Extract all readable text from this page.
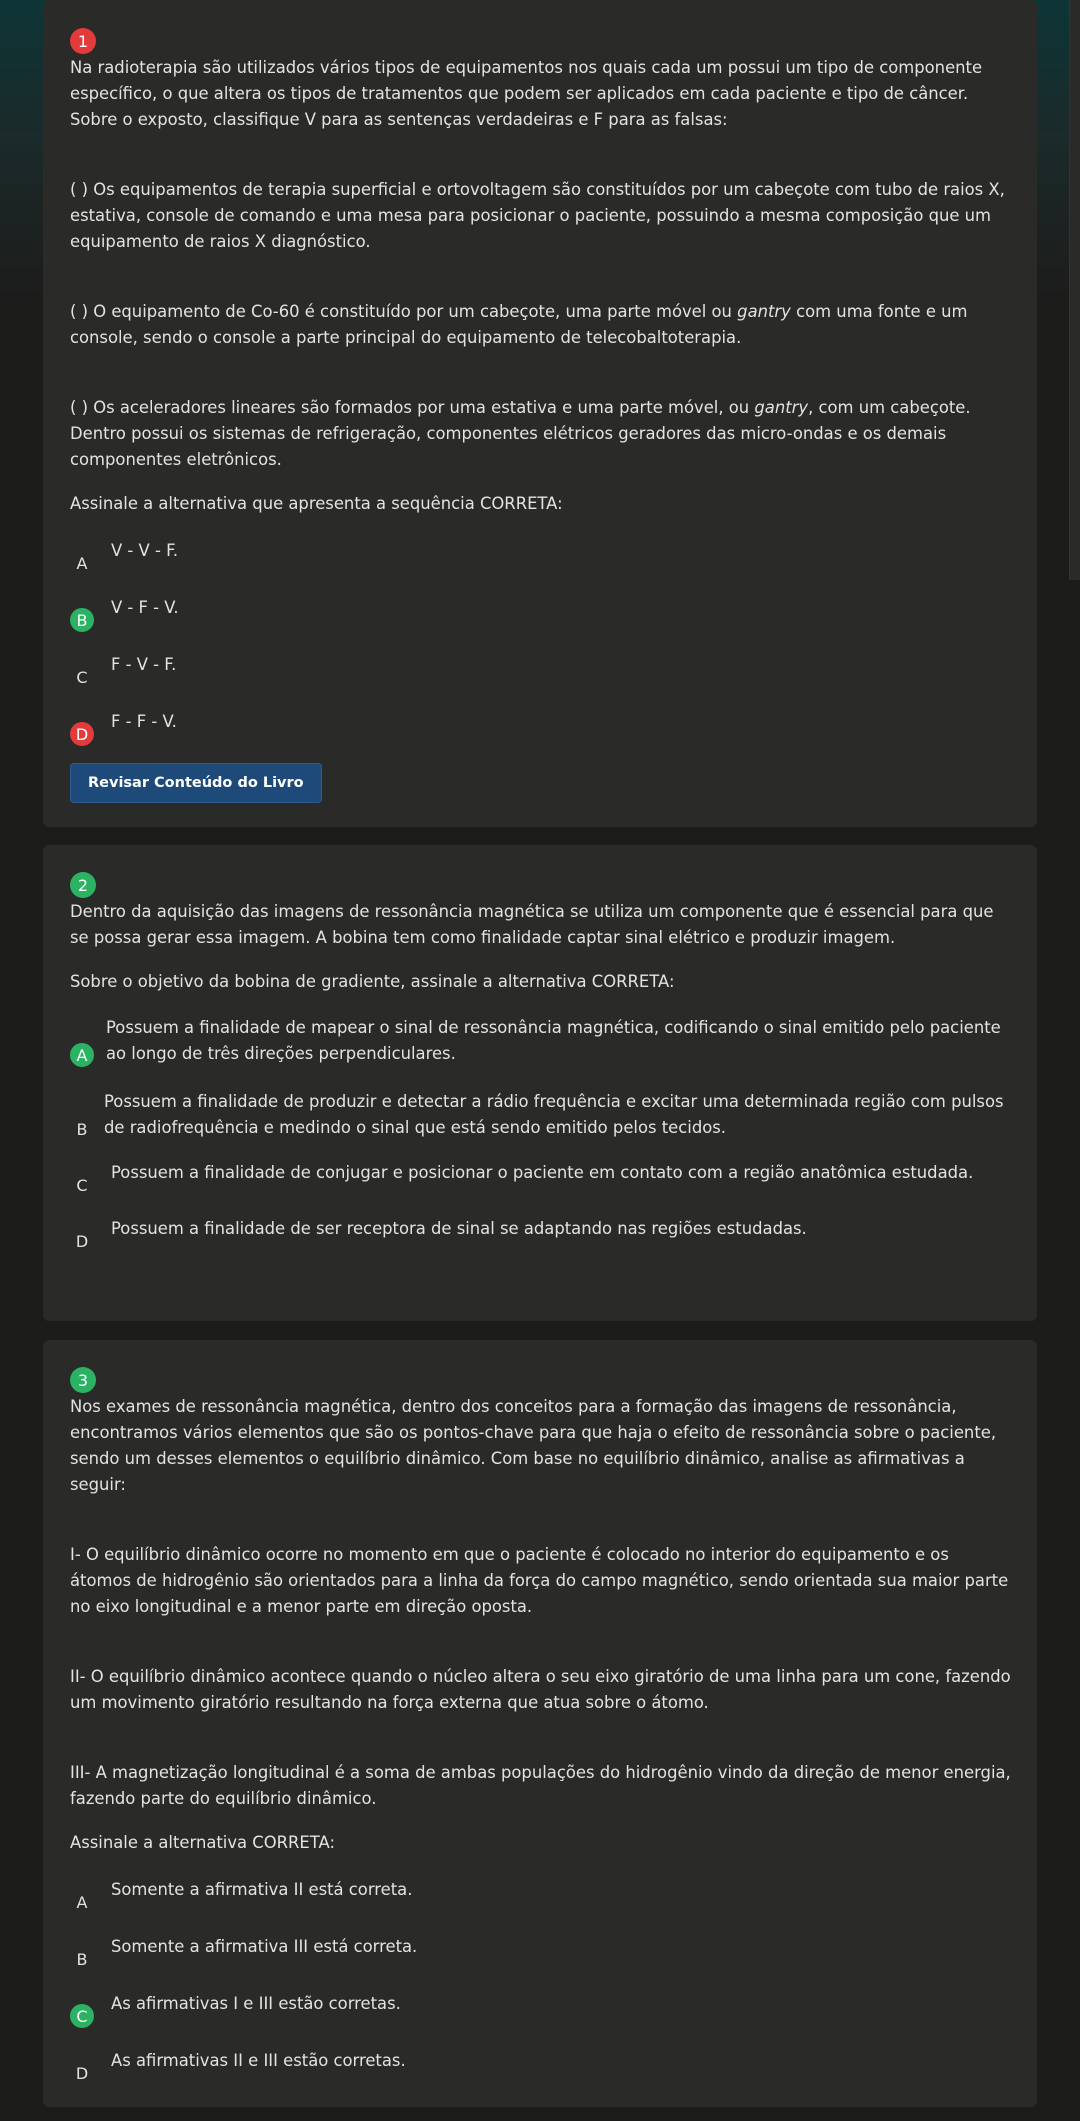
1

Na radioterapia são utilizados vários tipos de equipamentos nos quais cada um possui um tipo de componente específico, o que altera os tipos de tratamentos que podem ser aplicados em cada paciente e tipo de câncer. Sobre o exposto, classifique V para as sentenças verdadeiras e F para as falsas:

( ) Os equipamentos de terapia superficial e ortovoltagem são constituídos por um cabeçote com tubo de raios X, estativa, console de comando e uma mesa para posicionar o paciente, possuindo a mesma composição que um equipamento de raios X diagnóstico.

( ) O equipamento de Co-60 é constituído por um cabeçote, uma parte móvel ou gantry com uma fonte e um console, sendo o console a parte principal do equipamento de telecobaltoterapia.

( ) Os aceleradores lineares são formados por uma estativa e uma parte móvel, ou gantry, com um cabeçote. Dentro possui os sistemas de refrigeração, componentes elétricos geradores das micro-ondas e os demais componentes eletrônicos.

Assinale a alternativa que apresenta a sequência CORRETA:

A
V - V - F.
B
V - F - V.
C
F - V - F.
D
F - F - V.
Revisar Conteúdo do Livro
2

Dentro da aquisição das imagens de ressonância magnética se utiliza um componente que é essencial para que se possa gerar essa imagem. A bobina tem como finalidade captar sinal elétrico e produzir imagem.

Sobre o objetivo da bobina de gradiente, assinale a alternativa CORRETA:

A
Possuem a finalidade de mapear o sinal de ressonância magnética, codificando o sinal emitido pelo paciente ao longo de três direções perpendiculares.
B
Possuem a finalidade de produzir e detectar a rádio frequência e excitar uma determinada região com pulsos de radiofrequência e medindo o sinal que está sendo emitido pelos tecidos.
C
Possuem a finalidade de conjugar e posicionar o paciente em contato com a região anatômica estudada.
D
Possuem a finalidade de ser receptora de sinal se adaptando nas regiões estudadas.
3

Nos exames de ressonância magnética, dentro dos conceitos para a formação das imagens de ressonância, encontramos vários elementos que são os pontos-chave para que haja o efeito de ressonância sobre o paciente, sendo um desses elementos o equilíbrio dinâmico. Com base no equilíbrio dinâmico, analise as afirmativas a seguir:

I- O equilíbrio dinâmico ocorre no momento em que o paciente é colocado no interior do equipamento e os átomos de hidrogênio são orientados para a linha da força do campo magnético, sendo orientada sua maior parte no eixo longitudinal e a menor parte em direção oposta.

II- O equilíbrio dinâmico acontece quando o núcleo altera o seu eixo giratório de uma linha para um cone, fazendo um movimento giratório resultando na força externa que atua sobre o átomo.

III- A magnetização longitudinal é a soma de ambas populações do hidrogênio vindo da direção de menor energia, fazendo parte do equilíbrio dinâmico.

Assinale a alternativa CORRETA:

A
Somente a afirmativa II está correta.
B
Somente a afirmativa III está correta.
C
As afirmativas I e III estão corretas.
D
As afirmativas II e III estão corretas.
